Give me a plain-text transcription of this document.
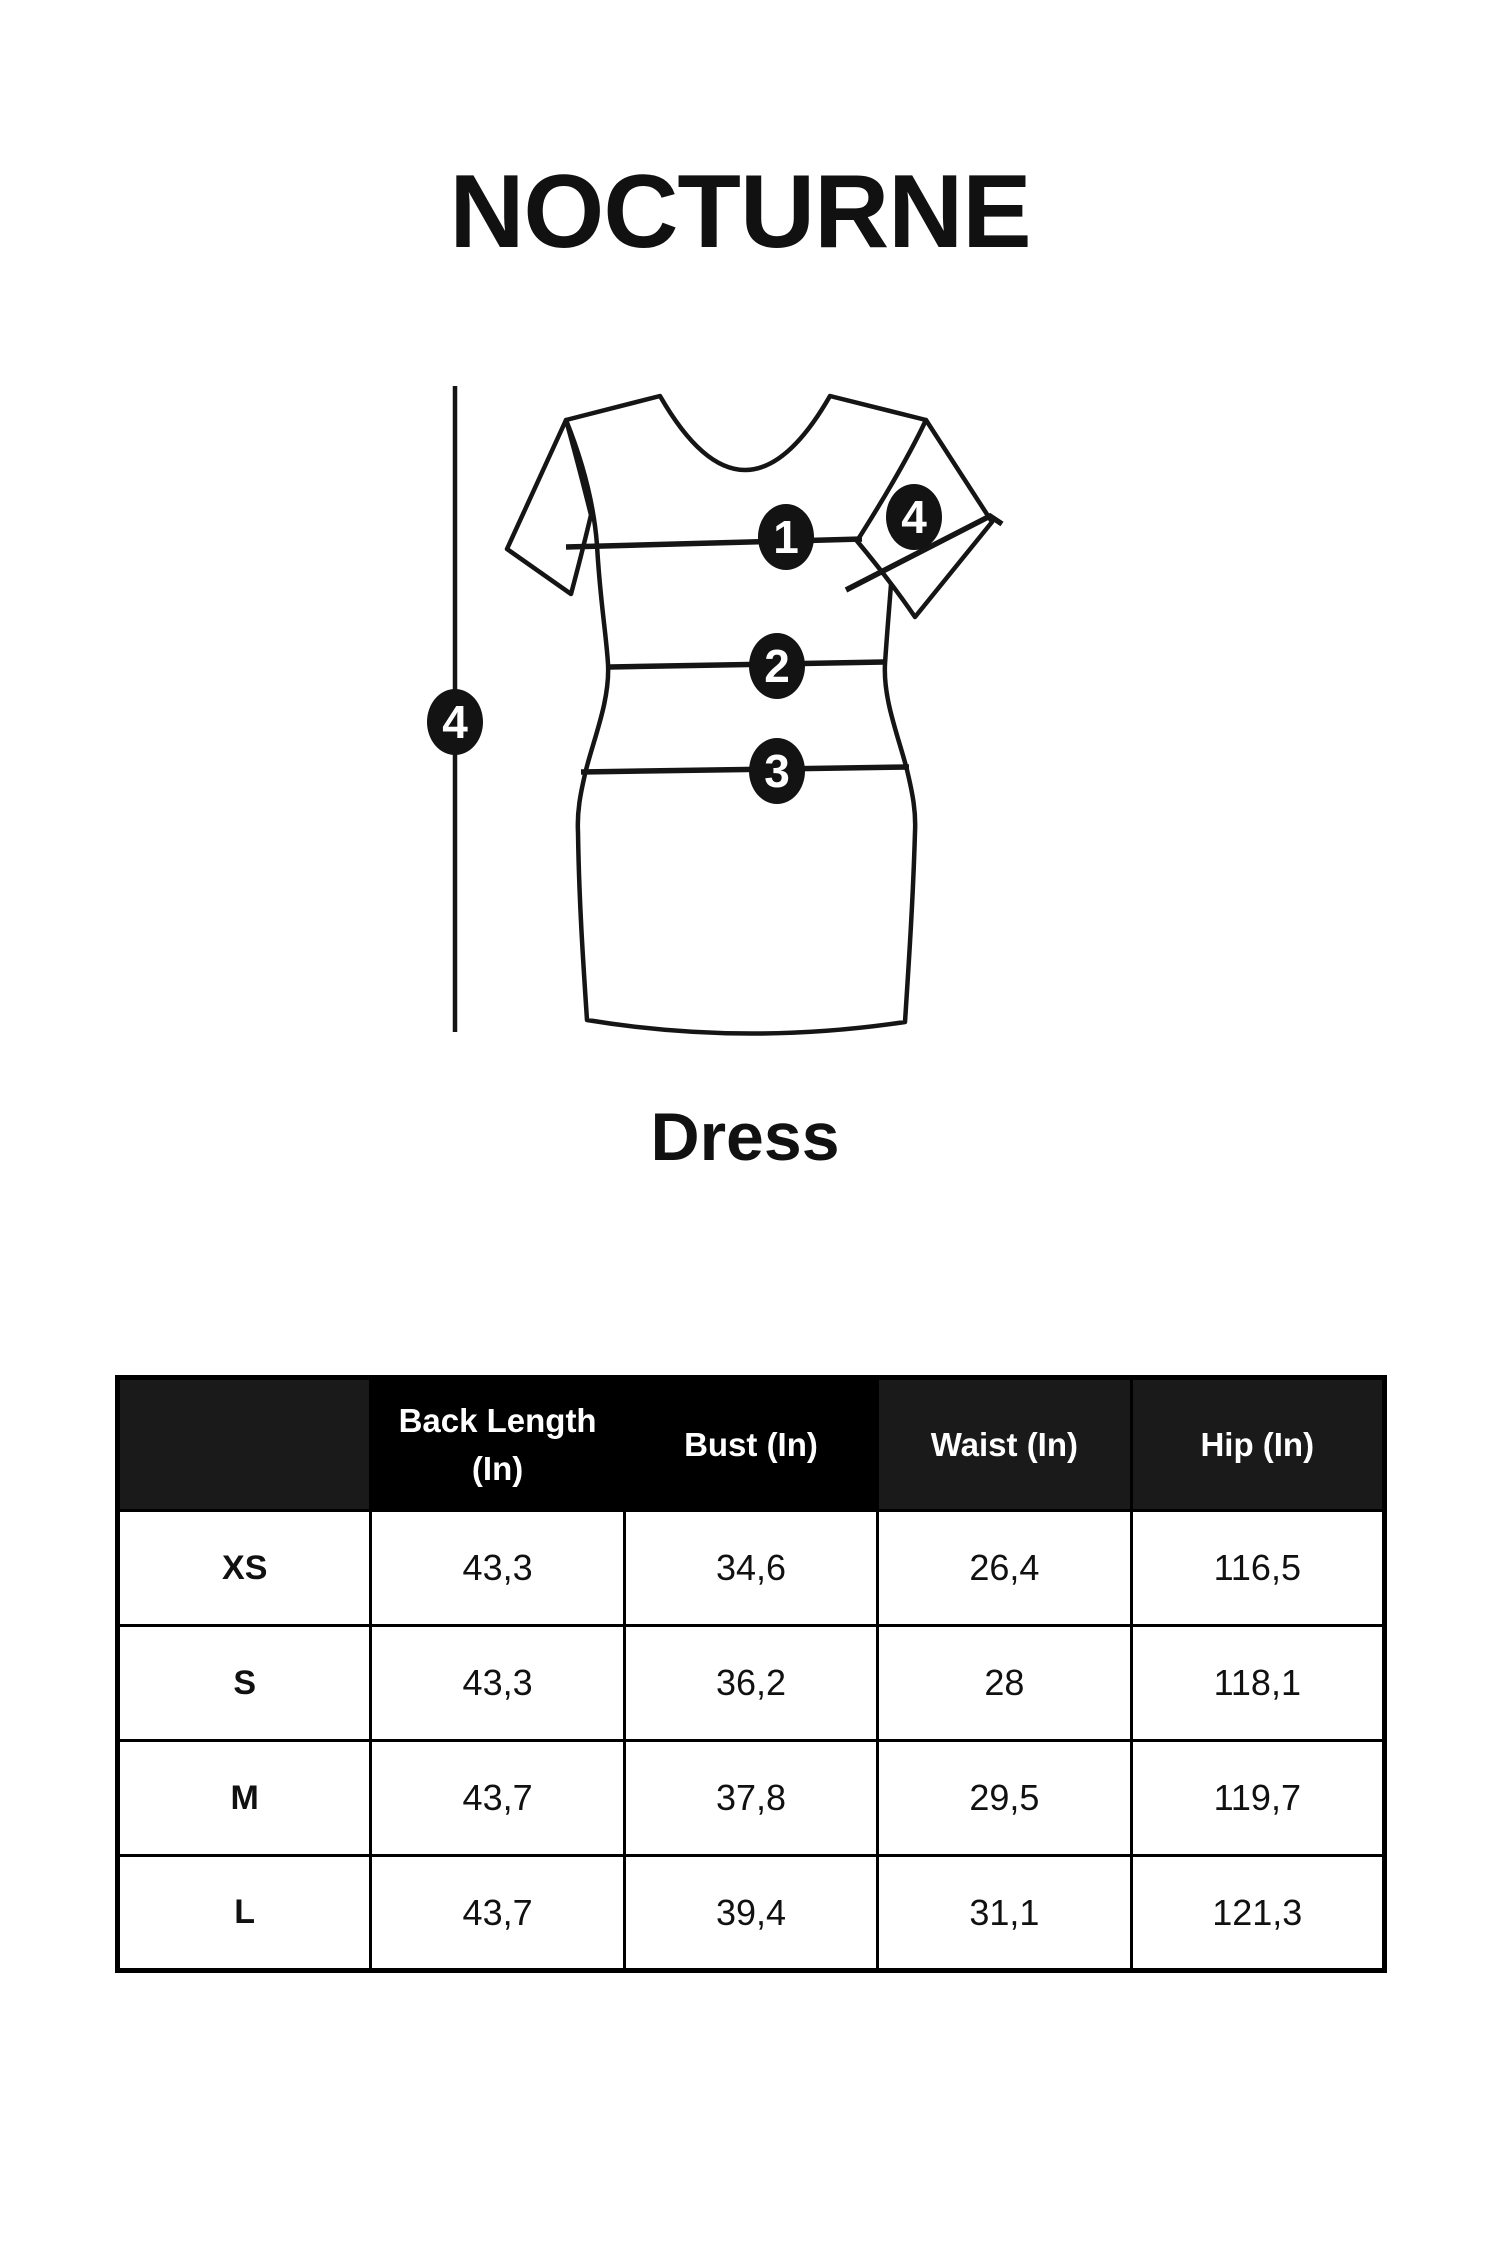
NOCTURNE
1
2
3
4
4
Dress
	Back Length (In)	Bust (In)	Waist (In)	Hip (In)
XS	43,3	34,6	26,4	116,5
S	43,3	36,2	28	118,1
M	43,7	37,8	29,5	119,7
L	43,7	39,4	31,1	121,3
